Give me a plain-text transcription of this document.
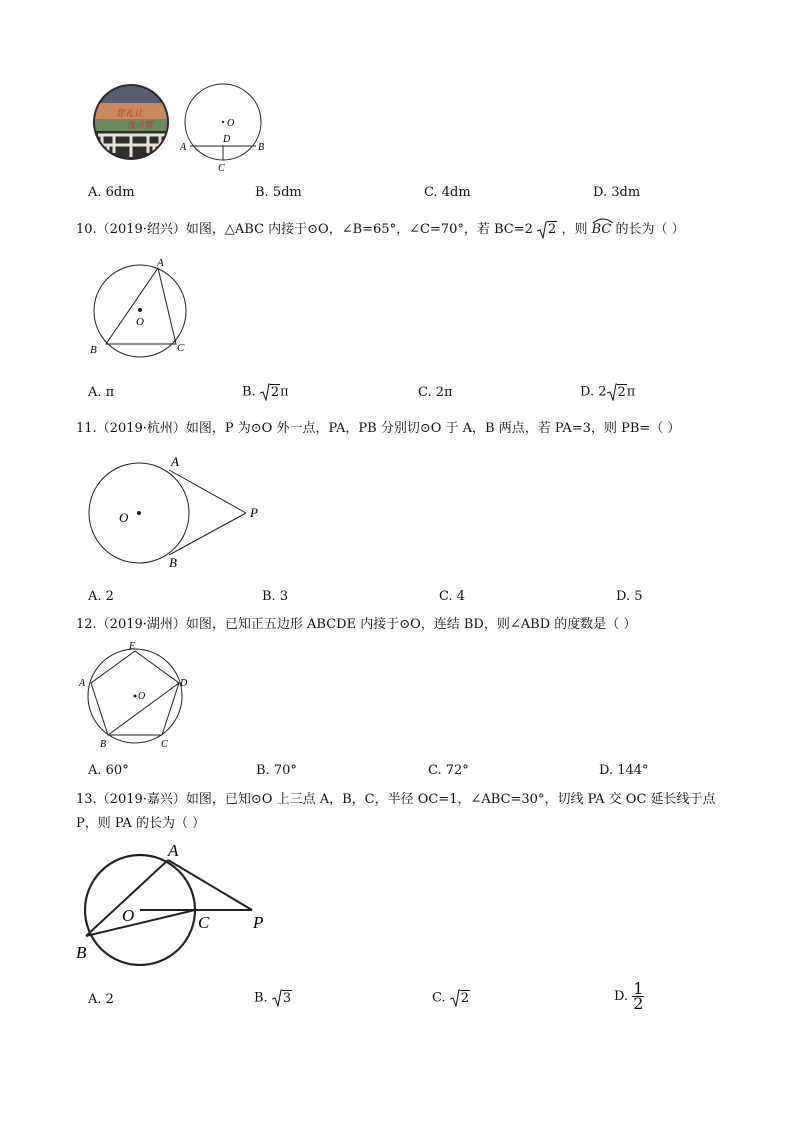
您礼让
我点赞	O
D
A	B
C
A. 6dm	B. 5dm	C. 4dm	D. 3dm
10.（2019·绍兴）如图，△ABC 内接于⊙O，∠B=65°，∠C=70°，若 BC=2 2 ，则 BC 的长为（ ）
A
O
B	C
A. π	B. 2π	C. 2π	D. 2 2π
11.（2019·杭州）如图，P 为⊙O 外一点，PA，PB 分别切⊙O 于 A，B 两点，若 PA=3，则 PB=（ ）
A
O	P
B
A. 2	B. 3	C. 4	D. 5
12.（2019·湖州）如图，已知正五边形 ABCDE 内接于⊙O，连结 BD，则∠ABD 的度数是（ ）
E
A	D
O
B	C
A. 60°	B. 70°	C. 72°	D. 144°
13.（2019·嘉兴）如图，已知⊙O 上三点 A，B，C，半径 OC=1，∠ABC=30°，切线 PA 交 OC 延长线于点
P，则 PA 的长为（ ）
A
O	C	P
B
A. 2	B. 3	C. 2	D. $\frac{1}{2}$
